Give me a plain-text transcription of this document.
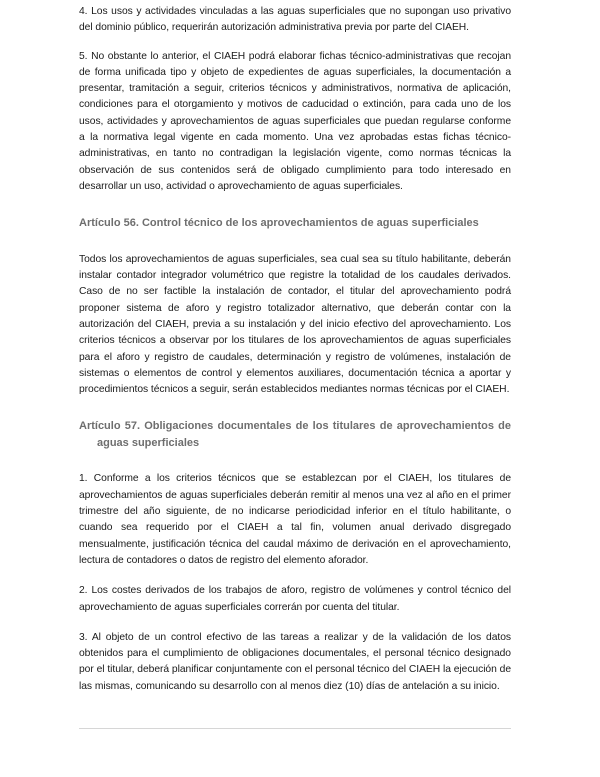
4. Los usos y actividades vinculadas a las aguas superficiales que no supongan uso privativo del dominio público, requerirán autorización administrativa previa por parte del CIAEH.

5. No obstante lo anterior, el CIAEH podrá elaborar fichas técnico-administrativas que recojan de forma unificada tipo y objeto de expedientes de aguas superficiales, la documentación a presentar, tramitación a seguir, criterios técnicos y administrativos, normativa de aplicación, condiciones para el otorgamiento y motivos de caducidad o extinción, para cada uno de los usos, actividades y aprovechamientos de aguas superficiales que puedan regularse conforme a la normativa legal vigente en cada momento. Una vez aprobadas estas fichas técnico-administrativas, en tanto no contradigan la legislación vigente, como normas técnicas la observación de sus contenidos será de obligado cumplimiento para todo interesado en desarrollar un uso, actividad o aprovechamiento de aguas superficiales.

Artículo 56. Control técnico de los aprovechamientos de aguas superficiales

Todos los aprovechamientos de aguas superficiales, sea cual sea su título habilitante, deberán instalar contador integrador volumétrico que registre la totalidad de los caudales derivados. Caso de no ser factible la instalación de contador, el titular del aprovechamiento podrá proponer sistema de aforo y registro totalizador alternativo, que deberán contar con la autorización del CIAEH, previa a su instalación y del inicio efectivo del aprovechamiento. Los criterios técnicos a observar por los titulares de los aprovechamientos de aguas superficiales para el aforo y registro de caudales, determinación y registro de volúmenes, instalación de sistemas o elementos de control y elementos auxiliares, documentación técnica a aportar y procedimientos técnicos a seguir, serán establecidos mediantes normas técnicas por el CIAEH.

Artículo 57. Obligaciones documentales de los titulares de aprovechamientos de aguas superficiales

1. Conforme a los criterios técnicos que se establezcan por el CIAEH, los titulares de aprovechamientos de aguas superficiales deberán remitir al menos una vez al año en el primer trimestre del año siguiente, de no indicarse periodicidad inferior en el título habilitante, o cuando sea requerido por el CIAEH a tal fin, volumen anual derivado disgregado mensualmente, justificación técnica del caudal máximo de derivación en el aprovechamiento, lectura de contadores o datos de registro del elemento aforador.

2. Los costes derivados de los trabajos de aforo, registro de volúmenes y control técnico del aprovechamiento de aguas superficiales correrán por cuenta del titular.

3. Al objeto de un control efectivo de las tareas a realizar y de la validación de los datos obtenidos para el cumplimiento de obligaciones documentales, el personal técnico designado por el titular, deberá planificar conjuntamente con el personal técnico del CIAEH la ejecución de las mismas, comunicando su desarrollo con al menos diez (10) días de antelación a su inicio.
